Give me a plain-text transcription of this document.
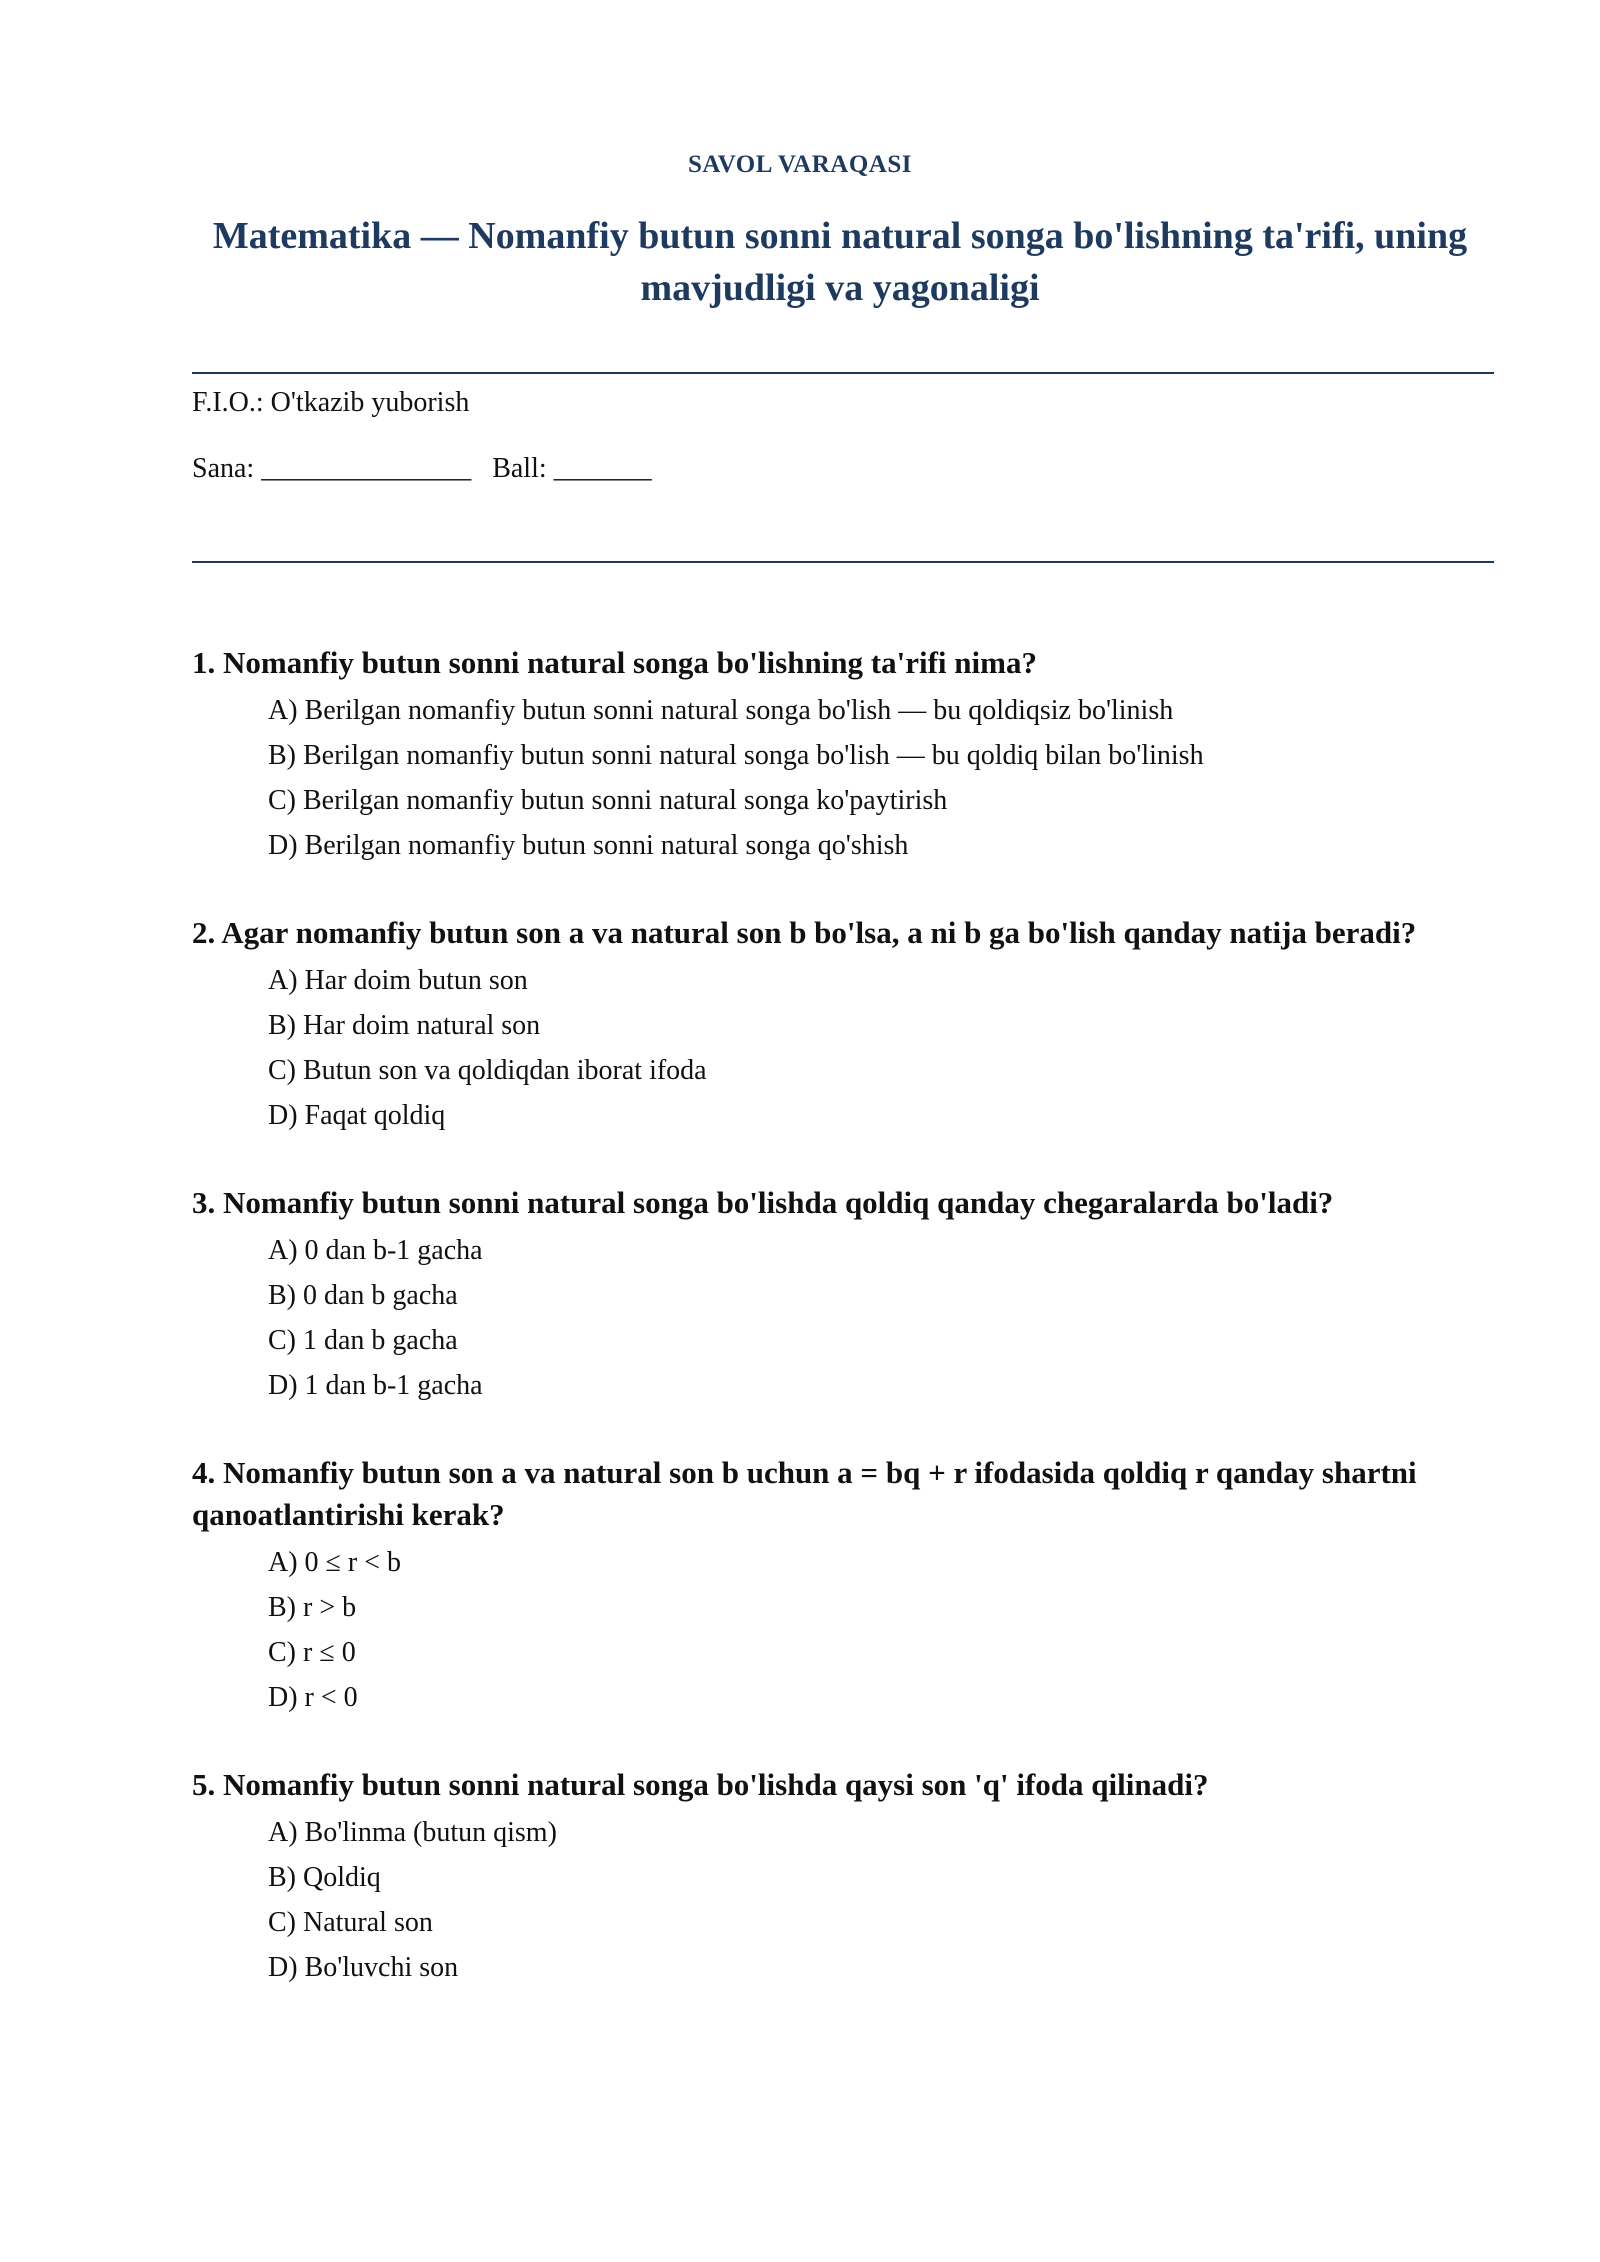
SAVOL VARAQASI
Matematika — Nomanfiy butun sonni natural songa bo'lishning ta'rifi, uning mavjudligi va yagonaligi
F.I.O.: O'tkazib yuborish
Sana: _______________   Ball: _______
1. Nomanfiy butun sonni natural songa bo'lishning ta'rifi nima?
A) Berilgan nomanfiy butun sonni natural songa bo'lish — bu qoldiqsiz bo'linish
B) Berilgan nomanfiy butun sonni natural songa bo'lish — bu qoldiq bilan bo'linish
C) Berilgan nomanfiy butun sonni natural songa ko'paytirish
D) Berilgan nomanfiy butun sonni natural songa qo'shish
2. Agar nomanfiy butun son a va natural son b bo'lsa, a ni b ga bo'lish qanday natija beradi?
A) Har doim butun son
B) Har doim natural son
C) Butun son va qoldiqdan iborat ifoda
D) Faqat qoldiq
3. Nomanfiy butun sonni natural songa bo'lishda qoldiq qanday chegaralarda bo'ladi?
A) 0 dan b-1 gacha
B) 0 dan b gacha
C) 1 dan b gacha
D) 1 dan b-1 gacha
4. Nomanfiy butun son a va natural son b uchun a = bq + r ifodasida qoldiq r qanday shartni qanoatlantirishi kerak?
A) 0 ≤ r < b
B) r > b
C) r ≤ 0
D) r < 0
5. Nomanfiy butun sonni natural songa bo'lishda qaysi son 'q' ifoda qilinadi?
A) Bo'linma (butun qism)
B) Qoldiq
C) Natural son
D) Bo'luvchi son
